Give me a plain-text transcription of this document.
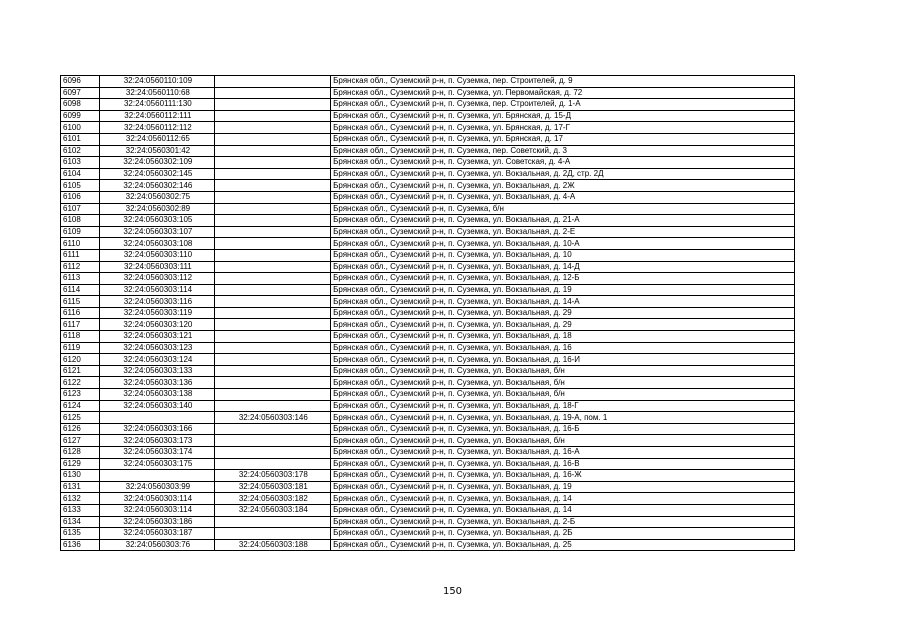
6096	32:24:0560110:109		Брянская обл., Суземский р-н, п. Суземка, пер. Строителей, д. 9
6097	32:24:0560110:68		Брянская обл., Суземский р-н, п. Суземка, ул. Первомайская, д. 72
6098	32:24:0560111:130		Брянская обл., Суземский р-н, п. Суземка, пер. Строителей, д. 1-А
6099	32:24:0560112:111		Брянская обл., Суземский р-н, п. Суземка, ул. Брянская, д. 15-Д
6100	32:24:0560112:112		Брянская обл., Суземский р-н, п. Суземка, ул. Брянская, д. 17-Г
6101	32:24:0560112:65		Брянская обл., Суземский р-н, п. Суземка, ул. Брянская, д. 17
6102	32:24:0560301:42		Брянская обл., Суземский р-н, п. Суземка, пер. Советский, д. 3
6103	32:24:0560302:109		Брянская обл., Суземский р-н, п. Суземка, ул. Советская, д. 4-А
6104	32:24:0560302:145		Брянская обл., Суземский р-н, п. Суземка, ул. Вокзальная, д. 2Д, стр. 2Д
6105	32:24:0560302:146		Брянская обл., Суземский р-н, п. Суземка, ул. Вокзальная, д. 2Ж
6106	32:24:0560302:75		Брянская обл., Суземский р-н, п. Суземка, ул. Вокзальная, д. 4-А
6107	32:24:0560302:89		Брянская обл., Суземский р-н, п. Суземка, б/н
6108	32:24:0560303:105		Брянская обл., Суземский р-н, п. Суземка, ул. Вокзальная, д. 21-А
6109	32:24:0560303:107		Брянская обл., Суземский р-н, п. Суземка, ул. Вокзальная, д. 2-Е
6110	32:24:0560303:108		Брянская обл., Суземский р-н, п. Суземка, ул. Вокзальная, д. 10-А
6111	32:24:0560303:110		Брянская обл., Суземский р-н, п. Суземка, ул. Вокзальная, д. 10
6112	32:24:0560303:111		Брянская обл., Суземский р-н, п. Суземка, ул. Вокзальная, д. 14-Д
6113	32:24:0560303:112		Брянская обл., Суземский р-н, п. Суземка, ул. Вокзальная, д. 12-Б
6114	32:24:0560303:114		Брянская обл., Суземский р-н, п. Суземка, ул. Вокзальная, д. 19
6115	32:24:0560303:116		Брянская обл., Суземский р-н, п. Суземка, ул. Вокзальная, д. 14-А
6116	32:24:0560303:119		Брянская обл., Суземский р-н, п. Суземка, ул. Вокзальная, д. 29
6117	32:24:0560303:120		Брянская обл., Суземский р-н, п. Суземка, ул. Вокзальная, д. 29
6118	32:24:0560303:121		Брянская обл., Суземский р-н, п. Суземка, ул. Вокзальная, д. 18
6119	32:24:0560303:123		Брянская обл., Суземский р-н, п. Суземка, ул. Вокзальная, д. 16
6120	32:24:0560303:124		Брянская обл., Суземский р-н, п. Суземка, ул. Вокзальная, д. 16-И
6121	32:24:0560303:133		Брянская обл., Суземский р-н, п. Суземка, ул. Вокзальная, б/н
6122	32:24:0560303:136		Брянская обл., Суземский р-н, п. Суземка, ул. Вокзальная, б/н
6123	32:24:0560303:138		Брянская обл., Суземский р-н, п. Суземка, ул. Вокзальная, б/н
6124	32:24:0560303:140		Брянская обл., Суземский р-н, п. Суземка, ул. Вокзальная, д. 18-Г
6125		32:24:0560303:146	Брянская обл., Суземский р-н, п. Суземка, ул. Вокзальная, д. 19-А, пом. 1
6126	32:24:0560303:166		Брянская обл., Суземский р-н, п. Суземка, ул. Вокзальная, д. 16-Б
6127	32:24:0560303:173		Брянская обл., Суземский р-н, п. Суземка, ул. Вокзальная, б/н
6128	32:24:0560303:174		Брянская обл., Суземский р-н, п. Суземка, ул. Вокзальная, д. 16-А
6129	32:24:0560303:175		Брянская обл., Суземский р-н, п. Суземка, ул. Вокзальная, д. 16-В
6130		32:24:0560303:178	Брянская обл., Суземский р-н, п. Суземка, ул. Вокзальная, д. 16-Ж
6131	32:24:0560303:99	32:24:0560303:181	Брянская обл., Суземский р-н, п. Суземка, ул. Вокзальная, д. 19
6132	32:24:0560303:114	32:24:0560303:182	Брянская обл., Суземский р-н, п. Суземка, ул. Вокзальная, д. 14
6133	32:24:0560303:114	32:24:0560303:184	Брянская обл., Суземский р-н, п. Суземка, ул. Вокзальная, д. 14
6134	32:24:0560303:186		Брянская обл., Суземский р-н, п. Суземка, ул. Вокзальная, д. 2-Б
6135	32:24:0560303:187		Брянская обл., Суземский р-н, п. Суземка, ул. Вокзальная, д. 2Б
6136	32:24:0560303:76	32:24:0560303:188	Брянская обл., Суземский р-н, п. Суземка, ул. Вокзальная, д. 25
150
